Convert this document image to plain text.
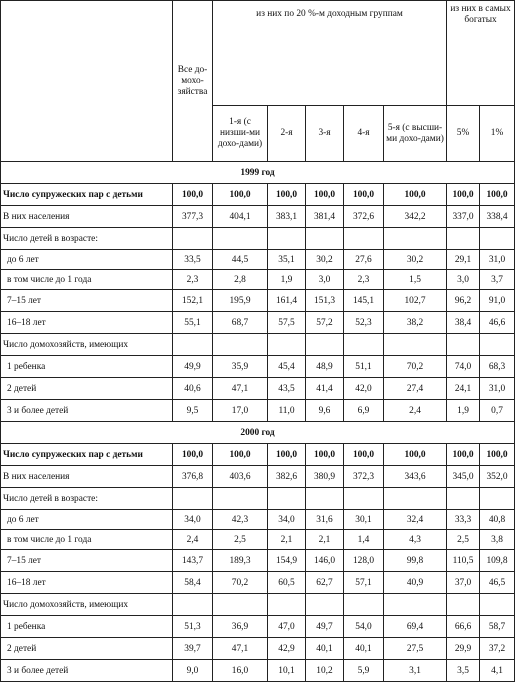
	Все до-мохо-зяйства	из них по 20 %-м доходным группам					из них в самых богатых	
		1-я (с низши-ми дохо-дами)	2-я	3-я	4-я	5-я (с высши-ми дохо-дами)	5%	1%
1999 год								
Число супружеских пар с детьми	100,0	100,0	100,0	100,0	100,0	100,0	100,0	100,0
В них населения	377,3	404,1	383,1	381,4	372,6	342,2	337,0	338,4
Число детей в возрасте:								
до 6 лет	33,5	44,5	35,1	30,2	27,6	30,2	29,1	31,0
в том числе до 1 года	2,3	2,8	1,9	3,0	2,3	1,5	3,0	3,7
7–15 лет	152,1	195,9	161,4	151,3	145,1	102,7	96,2	91,0
16–18 лет	55,1	68,7	57,5	57,2	52,3	38,2	38,4	46,6
Число домохозяйств, имеющих								
1 ребенка	49,9	35,9	45,4	48,9	51,1	70,2	74,0	68,3
2 детей	40,6	47,1	43,5	41,4	42,0	27,4	24,1	31,0
3 и более детей	9,5	17,0	11,0	9,6	6,9	2,4	1,9	0,7
2000 год								
Число супружеских пар с детьми	100,0	100,0	100,0	100,0	100,0	100,0	100,0	100,0
В них населения	376,8	403,6	382,6	380,9	372,3	343,6	345,0	352,0
Число детей в возрасте:								
до 6 лет	34,0	42,3	34,0	31,6	30,1	32,4	33,3	40,8
в том числе до 1 года	2,4	2,5	2,1	2,1	1,4	4,3	2,5	3,8
7–15 лет	143,7	189,3	154,9	146,0	128,0	99,8	110,5	109,8
16–18 лет	58,4	70,2	60,5	62,7	57,1	40,9	37,0	46,5
Число домохозяйств, имеющих								
1 ребенка	51,3	36,9	47,0	49,7	54,0	69,4	66,6	58,7
2 детей	39,7	47,1	42,9	40,1	40,1	27,5	29,9	37,2
3 и более детей	9,0	16,0	10,1	10,2	5,9	3,1	3,5	4,1
